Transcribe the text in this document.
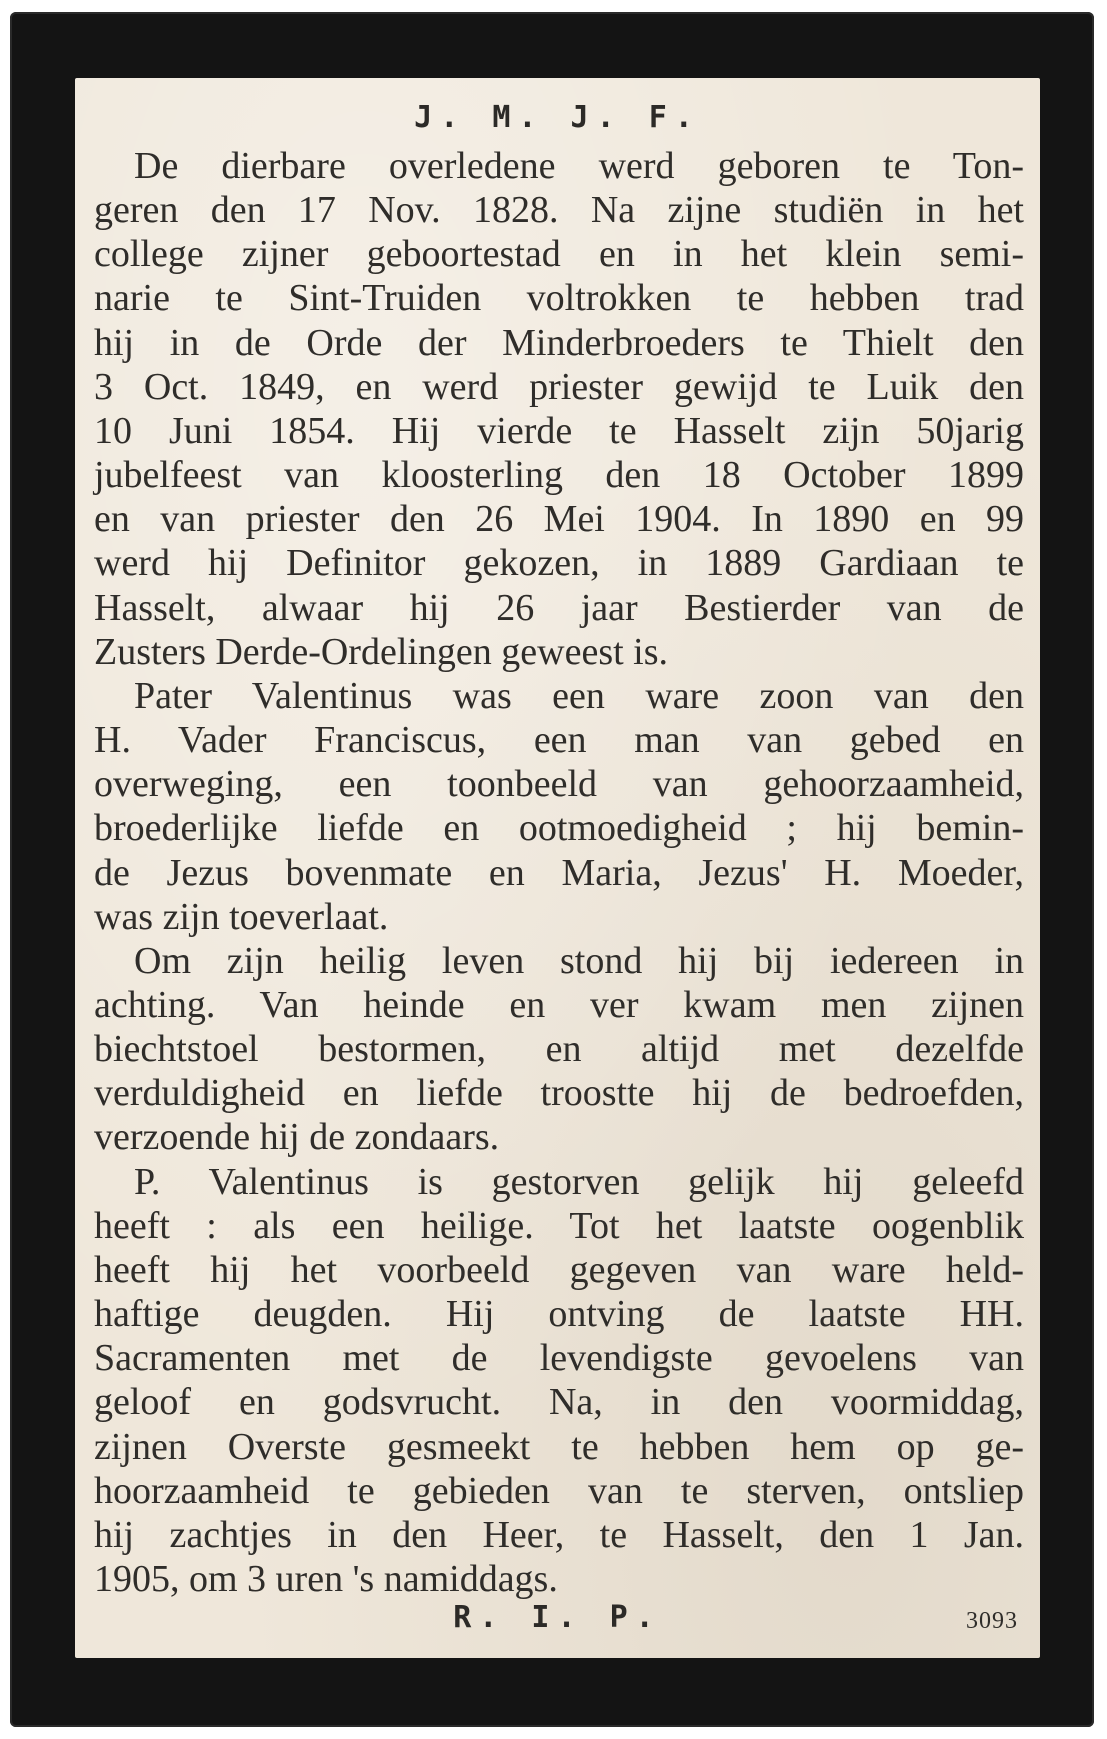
J. M. J. F.
De dierbare overledene werd geboren te Ton-
geren den 17 Nov. 1828. Na zijne studiën in het
college zijner geboortestad en in het klein semi-
narie te Sint-Truiden voltrokken te hebben trad
hij in de Orde der Minderbroeders te Thielt den
3 Oct. 1849, en werd priester gewijd te Luik den
10 Juni 1854. Hij vierde te Hasselt zijn 50jarig
jubelfeest van kloosterling den 18 October 1899
en van priester den 26 Mei 1904. In 1890 en 99
werd hij Definitor gekozen, in 1889 Gardiaan te
Hasselt, alwaar hij 26 jaar Bestierder van de
Zusters Derde-Ordelingen geweest is.
Pater Valentinus was een ware zoon van den
H. Vader Franciscus, een man van gebed en
overweging, een toonbeeld van gehoorzaamheid,
broederlijke liefde en ootmoedigheid ; hij bemin-
de Jezus bovenmate en Maria, Jezus' H. Moeder,
was zijn toeverlaat.
Om zijn heilig leven stond hij bij iedereen in
achting. Van heinde en ver kwam men zijnen
biechtstoel bestormen, en altijd met dezelfde
verduldigheid en liefde troostte hij de bedroefden,
verzoende hij de zondaars.
P. Valentinus is gestorven gelijk hij geleefd
heeft : als een heilige. Tot het laatste oogenblik
heeft hij het voorbeeld gegeven van ware held-
haftige deugden. Hij ontving de laatste HH.
Sacramenten met de levendigste gevoelens van
geloof en godsvrucht. Na, in den voormiddag,
zijnen Overste gesmeekt te hebben hem op ge-
hoorzaamheid te gebieden van te sterven, ontsliep
hij zachtjes in den Heer, te Hasselt, den 1 Jan.
1905, om 3 uren 's namiddags.
R. I. P.	3093
